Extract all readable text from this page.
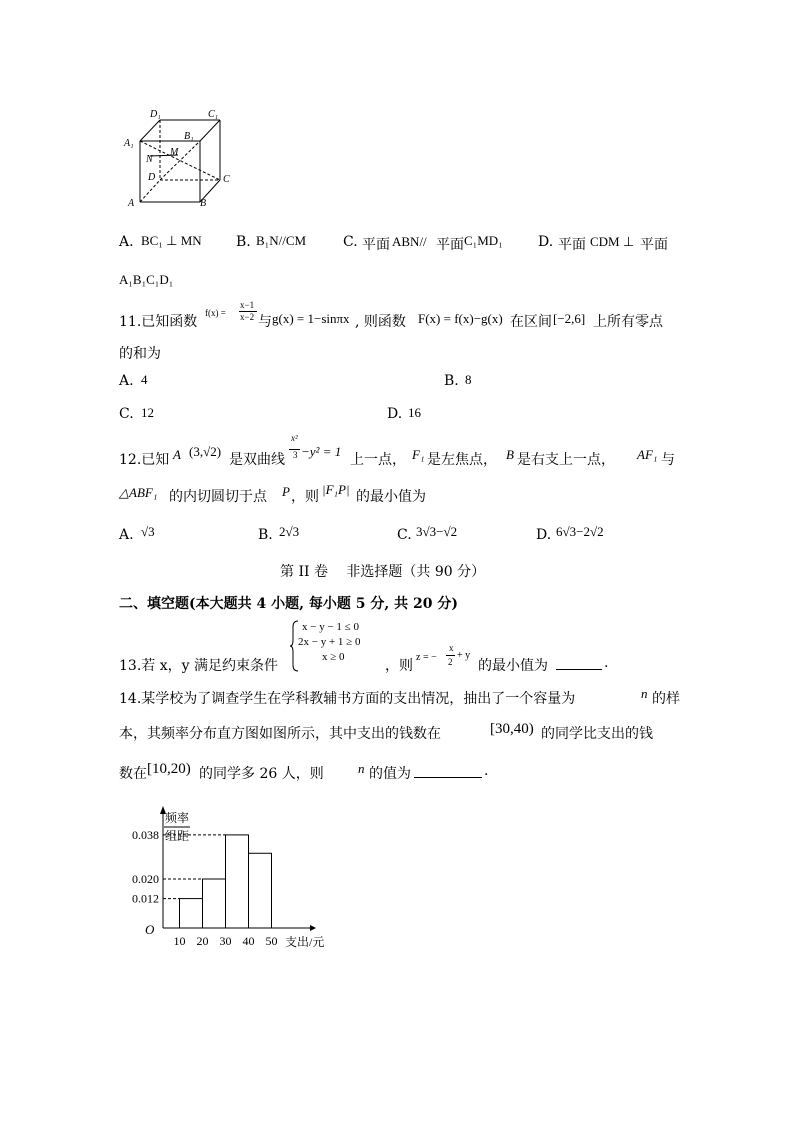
D₁	C₁
A₁
B₁
N
M
D	C
A	B
A. BC₁ ⊥ MN B. B₁N//CM	C. 平面 ABN// 平面 C₁MD₁	D. 平面 CDM ⊥ 平面
A₁B₁C₁D₁
11.已知函数
f(x) =
x−1
x−2 与 g(x) = 1−sinπx , 则函数 F(x) = f(x)−g(x) 在区间 [−2,6] 上所有零点
的和为
A. 4	B. 8
C. 12	D. 16
12.已知 A (3,√2)
是双曲线
x²
3 −y² = 1
上一点， F₁ 是左焦点， B 是右支上一点， AF₁ 与
△ABF₁ 的内切圆切于点 P ，则 |F₁P| 的最小值为
A. √3	B. 2√3	C. 3√3−√2	D. 6√3−2√2
第 II 卷　 非选择题（共 90 分）
二、填空题(本大题共 4 小题, 每小题 5 分, 共 20 分)
13.若 x，y 满足约束条件
x − y − 1 ≤ 0
2x − y + 1 ≥ 0
x ≥ 0
，则
z = −
x
2
+ y
的最小值为	.
14.某学校为了调查学生在学科教辅书方面的支出情况，抽出了一个容量为	n 的样
本，其频率分布直方图如图所示，其中支出的钱数在	[30,40) 的同学比支出的钱
数在 [10,20) 的同学多 26 人，则	n 的值为	.
频率
组距
O
0.012
0.020
0.038
10 20 30 40 50 支出/元
